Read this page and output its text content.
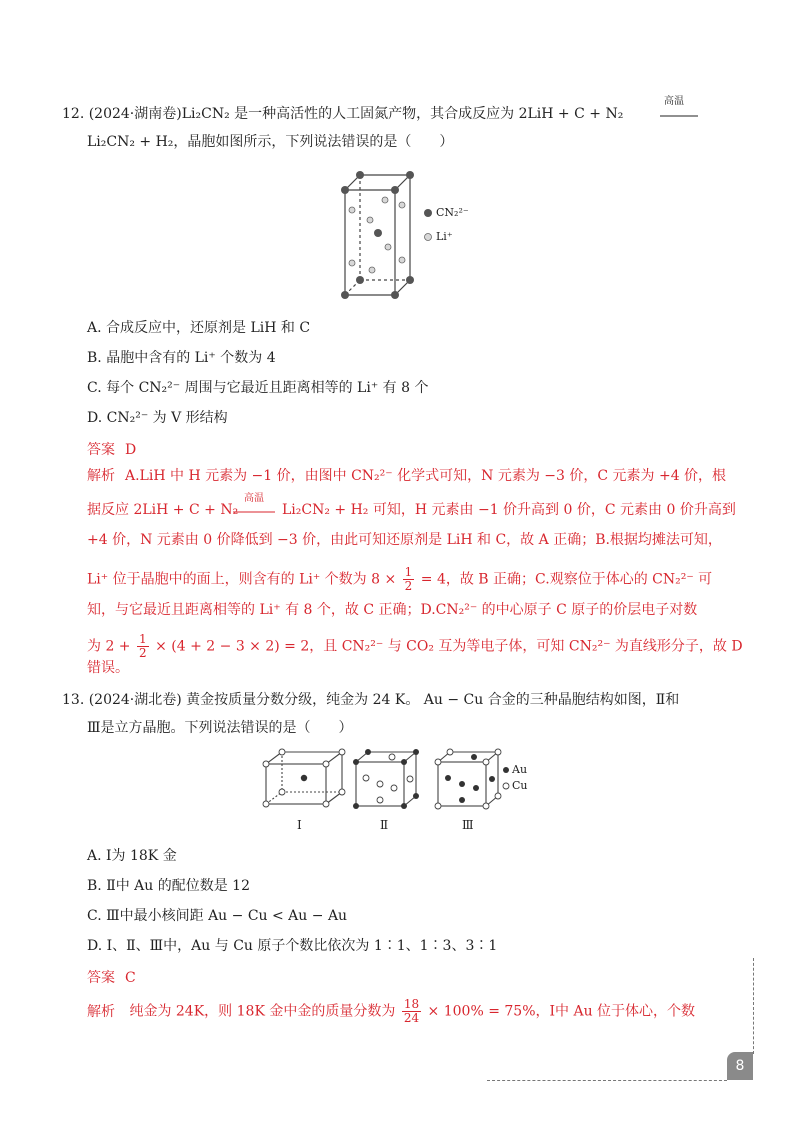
12. (2024·湖南卷)Li₂CN₂ 是一种高活性的人工固氮产物，其合成反应为 2LiH + C + N₂
高温
Li₂CN₂ + H₂，晶胞如图所示，下列说法错误的是（　　）
CN₂²⁻
Li⁺
A. 合成反应中，还原剂是 LiH 和 C
B. 晶胞中含有的 Li⁺ 个数为 4
C. 每个 CN₂²⁻ 周围与它最近且距离相等的 Li⁺ 有 8 个
D. CN₂²⁻ 为 V 形结构
答案 D
解析 A.LiH 中 H 元素为 −1 价，由图中 CN₂²⁻ 化学式可知，N 元素为 −3 价，C 元素为 +4 价，根
据反应 2LiH + C + N₂
高温
Li₂CN₂ + H₂ 可知，H 元素由 −1 价升高到 0 价，C 元素由 0 价升高到
+4 价，N 元素由 0 价降低到 −3 价，由此可知还原剂是 LiH 和 C，故 A 正确；B.根据均摊法可知，
Li⁺ 位于晶胞中的面上，则含有的 Li⁺ 个数为 $8 \times \frac{1}{2} = 4$，故 B 正确；C.观察位于体心的 CN₂²⁻ 可
知，与它最近且距离相等的 Li⁺ 有 8 个，故 C 正确；D.CN₂²⁻ 的中心原子 C 原子的价层电子对数
为 $2 + \frac{1}{2} \times (4 + 2 - 3 \times 2) = 2$，且 CN₂²⁻ 与 CO₂ 互为等电子体，可知 CN₂²⁻ 为直线形分子，故 D
错误。
13. (2024·湖北卷) 黄金按质量分数分级，纯金为 24 K。 Au − Cu 合金的三种晶胞结构如图，Ⅱ和
Ⅲ是立方晶胞。下列说法错误的是（　　）
Au
Cu
Ⅰ	Ⅱ	Ⅲ
A. Ⅰ为 18K 金
B. Ⅱ中 Au 的配位数是 12
C. Ⅲ中最小核间距 Au − Cu < Au − Au
D. Ⅰ、Ⅱ、Ⅲ中，Au 与 Cu 原子个数比依次为 1∶1、1∶3、3∶1
答案 C
解析 纯金为 24K，则 18K 金中金的质量分数为 $\frac{18}{24} \times 100\% = 75\%$，Ⅰ中 Au 位于体心，个数
8
